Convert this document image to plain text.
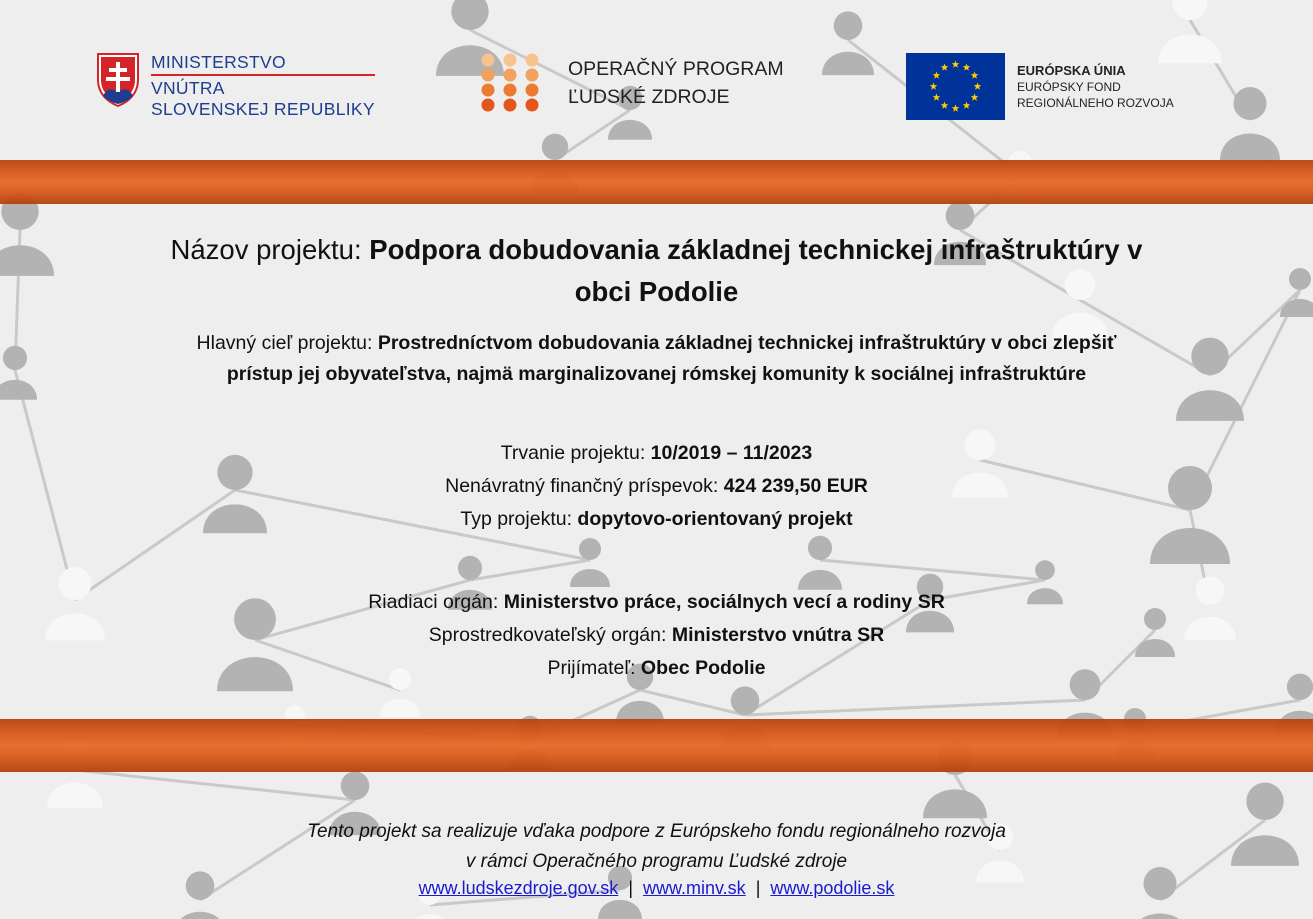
MINISTERSTVO
VNÚTRA
SLOVENSKEJ REPUBLIKY
OPERAČNÝ PROGRAM
ĽUDSKÉ ZDROJE
EURÓPSKA ÚNIA
EURÓPSKY FOND
REGIONÁLNEHO ROZVOJA
Názov projektu: Podpora dobudovania základnej technickej infraštruktúry v
obci Podolie
Hlavný cieľ projektu: Prostredníctvom dobudovania základnej technickej infraštruktúry v obci zlepšiť
prístup jej obyvateľstva, najmä marginalizovanej rómskej komunity k sociálnej infraštruktúre
Trvanie projektu: 10/2019 – 11/2023
Nenávratný finančný príspevok: 424 239,50 EUR
Typ projektu: dopytovo-orientovaný projekt
Riadiaci orgán: Ministerstvo práce, sociálnych vecí a rodiny SR
Sprostredkovateľský orgán: Ministerstvo vnútra SR
Prijímateľ: Obec Podolie
Tento projekt sa realizuje vďaka podpore z Európskeho fondu regionálneho rozvoja
v rámci Operačného programu Ľudské zdroje
www.ludskezdroje.gov.sk | www.minv.sk | www.podolie.sk
